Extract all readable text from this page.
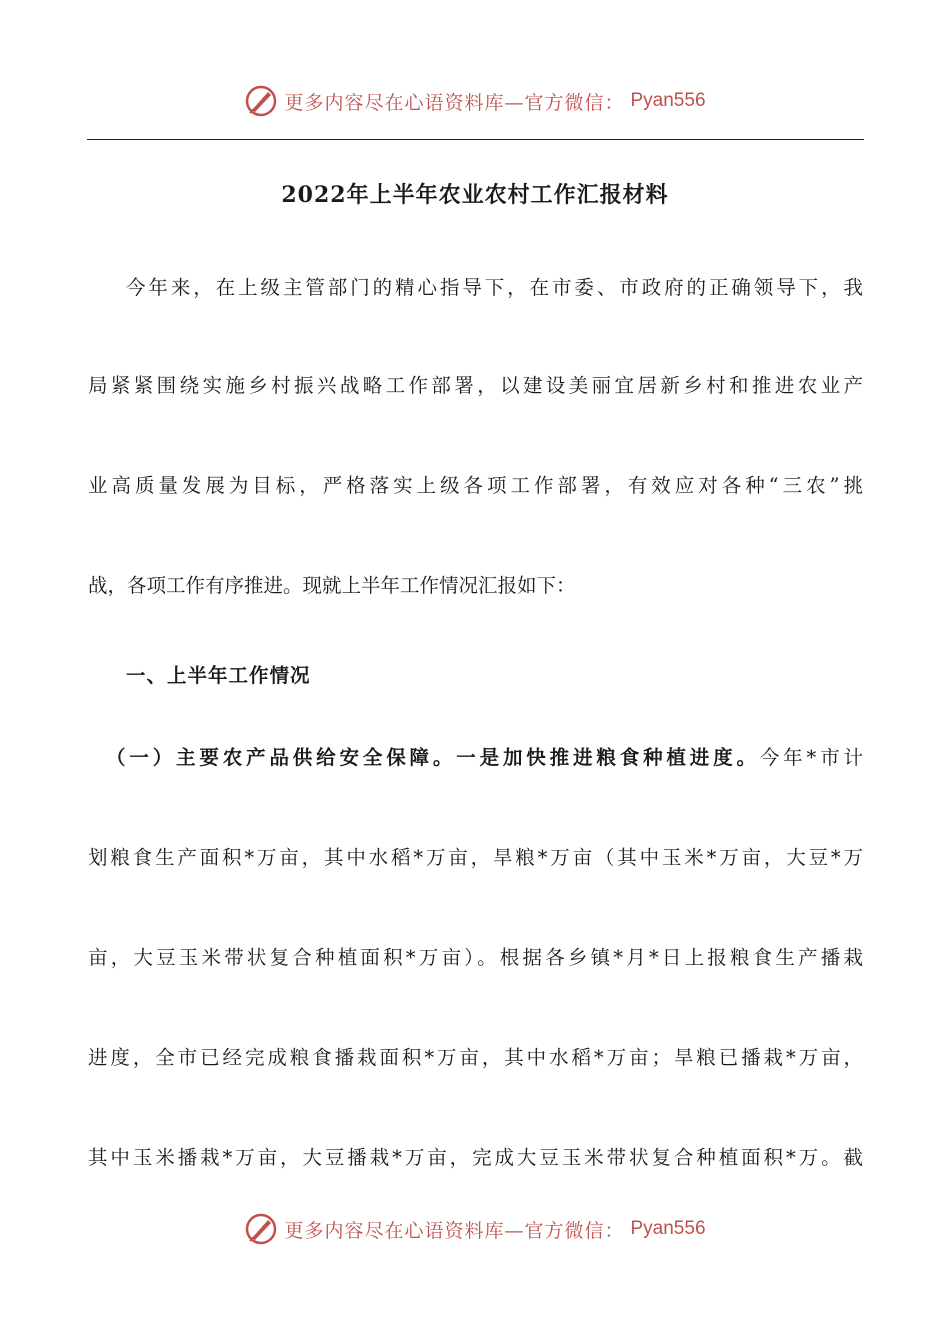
更多内容尽在心语资料库—官方微信： Pyan556
2022年上半年农业农村工作汇报材料
今年来，在上级主管部门的精心指导下，在市委、市政府的正确领导下，我
局紧紧围绕实施乡村振兴战略工作部署，以建设美丽宜居新乡村和推进农业产
业高质量发展为目标，严格落实上级各项工作部署，有效应对各种“三农”挑
战，各项工作有序推进。现就上半年工作情况汇报如下：
一、上半年工作情况
（一）主要农产品供给安全保障。一是加快推进粮食种植进度。今年*市计
划粮食生产面积*万亩，其中水稻*万亩，旱粮*万亩（其中玉米*万亩，大豆*万
亩，大豆玉米带状复合种植面积*万亩）。根据各乡镇*月*日上报粮食生产播栽
进度，全市已经完成粮食播栽面积*万亩，其中水稻*万亩；旱粮已播栽*万亩，
其中玉米播栽*万亩，大豆播栽*万亩，完成大豆玉米带状复合种植面积*万。截
更多内容尽在心语资料库—官方微信： Pyan556
